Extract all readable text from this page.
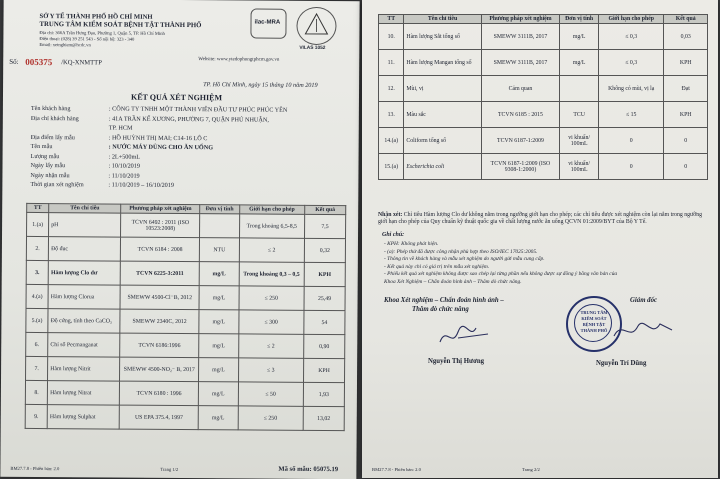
SỞ Y TẾ THÀNH PHỐ HỒ CHÍ MINH
TRUNG TÂM KIỂM SOÁT BỆNH TẬT THÀNH PHỐ
Địa chỉ: 366A Trần Hưng Đạo, Phường 1, Quận 5, TP. Hồ Chí Minh
Điện thoại: (028) 39 251 543 - Số nội bộ: 323 - 340
Email: xetnghiem@hcdc.vn
ilac-MRA
VILAS 1052
Số: 005375 /KQ-XNMTTP	Website: www.ytedophongtphcm.gov.vn
TP. Hồ Chí Minh, ngày 15 tháng 10 năm 2019
KẾT QUẢ XÉT NGHIỆM
Tên khách hàng	: CÔNG TY TNHH MỘT THÀNH VIÊN ĐẦU TƯ PHÚC PHÚC YÊN
Địa chỉ khách hàng	: 41A TRẦN KẾ XƯƠNG, PHƯỜNG 7, QUẬN PHÚ NHUẬN,
TP. HCM
Địa điểm lấy mẫu	: HỒ HUỲNH THỊ MAI; C14-16 LÔ C
Tên mẫu	: NƯỚC MÁY DÙNG CHO ĂN UỐNG
Lượng mẫu	: 2L+500mL
Ngày lấy mẫu	: 10/10/2019
Ngày nhận mẫu	: 11/10/2019
Thời gian xét nghiệm	: 11/10/2019 – 16/10/2019
TT	Tên chỉ tiêu	Phương pháp xét nghiệm	Đơn vị tính	Giới hạn cho phép	Kết quả
1.(a)	pH	TCVN 6492 : 2011 (ISO 10523:2008)		Trong khoảng 6,5-8,5	7,5
2.	Độ đục	TCVN 6184 : 2008	NTU	≤ 2	0,32
3.	Hàm lượng Clo dư	TCVN 6225-3:2011	mg/L	Trong khoảng 0,3 – 0,5	KPH
4.(a)	Hàm lượng Clorua	SMEWW 4500-Cl⁻B, 2012	mg/L	≤ 250	25,49
5.(a)	Độ cứng, tính theo CaCO₃	SMEWW 2340C, 2012	mg/L	≤ 300	54
6.	Chỉ số Pecmanganat	TCVN 6186:1996	mg/L	≤ 2	0,90
7.	Hàm lượng Nitrit	SMEWW 4500-NO₂⁻ B, 2017	mg/L	≤ 3	KPH
8.	Hàm lượng Nitrat	TCVN 6180 : 1996	mg/L	≤ 50	1,93
9.	Hàm lượng Sulphat	US EPA 375.4, 1997	mg/L	≤ 250	13,02
BM27.7.8 - Phiên bản: 2.0	Trang 1/2	Mã số mẫu: 05075.19
TT	Tên chỉ tiêu	Phương pháp xét nghiệm	Đơn vị tính	Giới hạn cho phép	Kết quả
10.	Hàm lượng Sắt tổng số	SMEWW 3111B, 2017	mg/L	≤ 0,3	0,03
11.	Hàm lượng Mangan tổng số	SMEWW 3111B, 2017	mg/L	≤ 0,3	KPH
12.	Mùi, vị	Cảm quan		Không có mùi, vị lạ	Đạt
13.	Màu sắc	TCVN 6185 : 2015	TCU	≤ 15	KPH
14.(a)	Coliform tổng số	TCVN 6187-1:2009	vi khuẩn/ 100mL	0	0
15.(a)	Escherichia coli	TCVN 6187-1:2009 (ISO 9308-1:2000)	vi khuẩn/ 100mL	0	0
Nhận xét: Chỉ tiêu Hàm lượng Clo dư không nằm trong ngưỡng giới hạn cho phép; các chỉ tiêu được xét nghiệm còn lại nằm trong ngưỡng giới hạn cho phép của Quy chuẩn kỹ thuật quốc gia về chất lượng nước ăn uống QCVN 01:2009/BYT của Bộ Y Tế.
Ghi chú:
- KPH: Không phát hiện.
- (a): Phép thử đã được công nhận phù hợp theo ISO/IEC 17025:2005.
- Thông tin về khách hàng và mẫu xét nghiệm do người gửi mẫu cung cấp.
- Kết quả này chỉ có giá trị trên mẫu xét nghiệm.
- Phiếu kết quả xét nghiệm không được sao chép lại từng phần nếu không được sự đồng ý bằng văn bản của
Khoa Xét Nghiệm – Chẩn đoán hình ảnh – Thăm dò chức năng.
Khoa Xét nghiệm – Chẩn đoán hình ảnh –
Thăm dò chức năng
Giám đốc
TRUNG TÂM
KIỂM SOÁT
BỆNH TẬT
THÀNH PHỐ
Nguyễn Thị Hương	Nguyễn Trí Dũng
BM27.7.8 - Phiên bản: 2.0	Trang 2/2
